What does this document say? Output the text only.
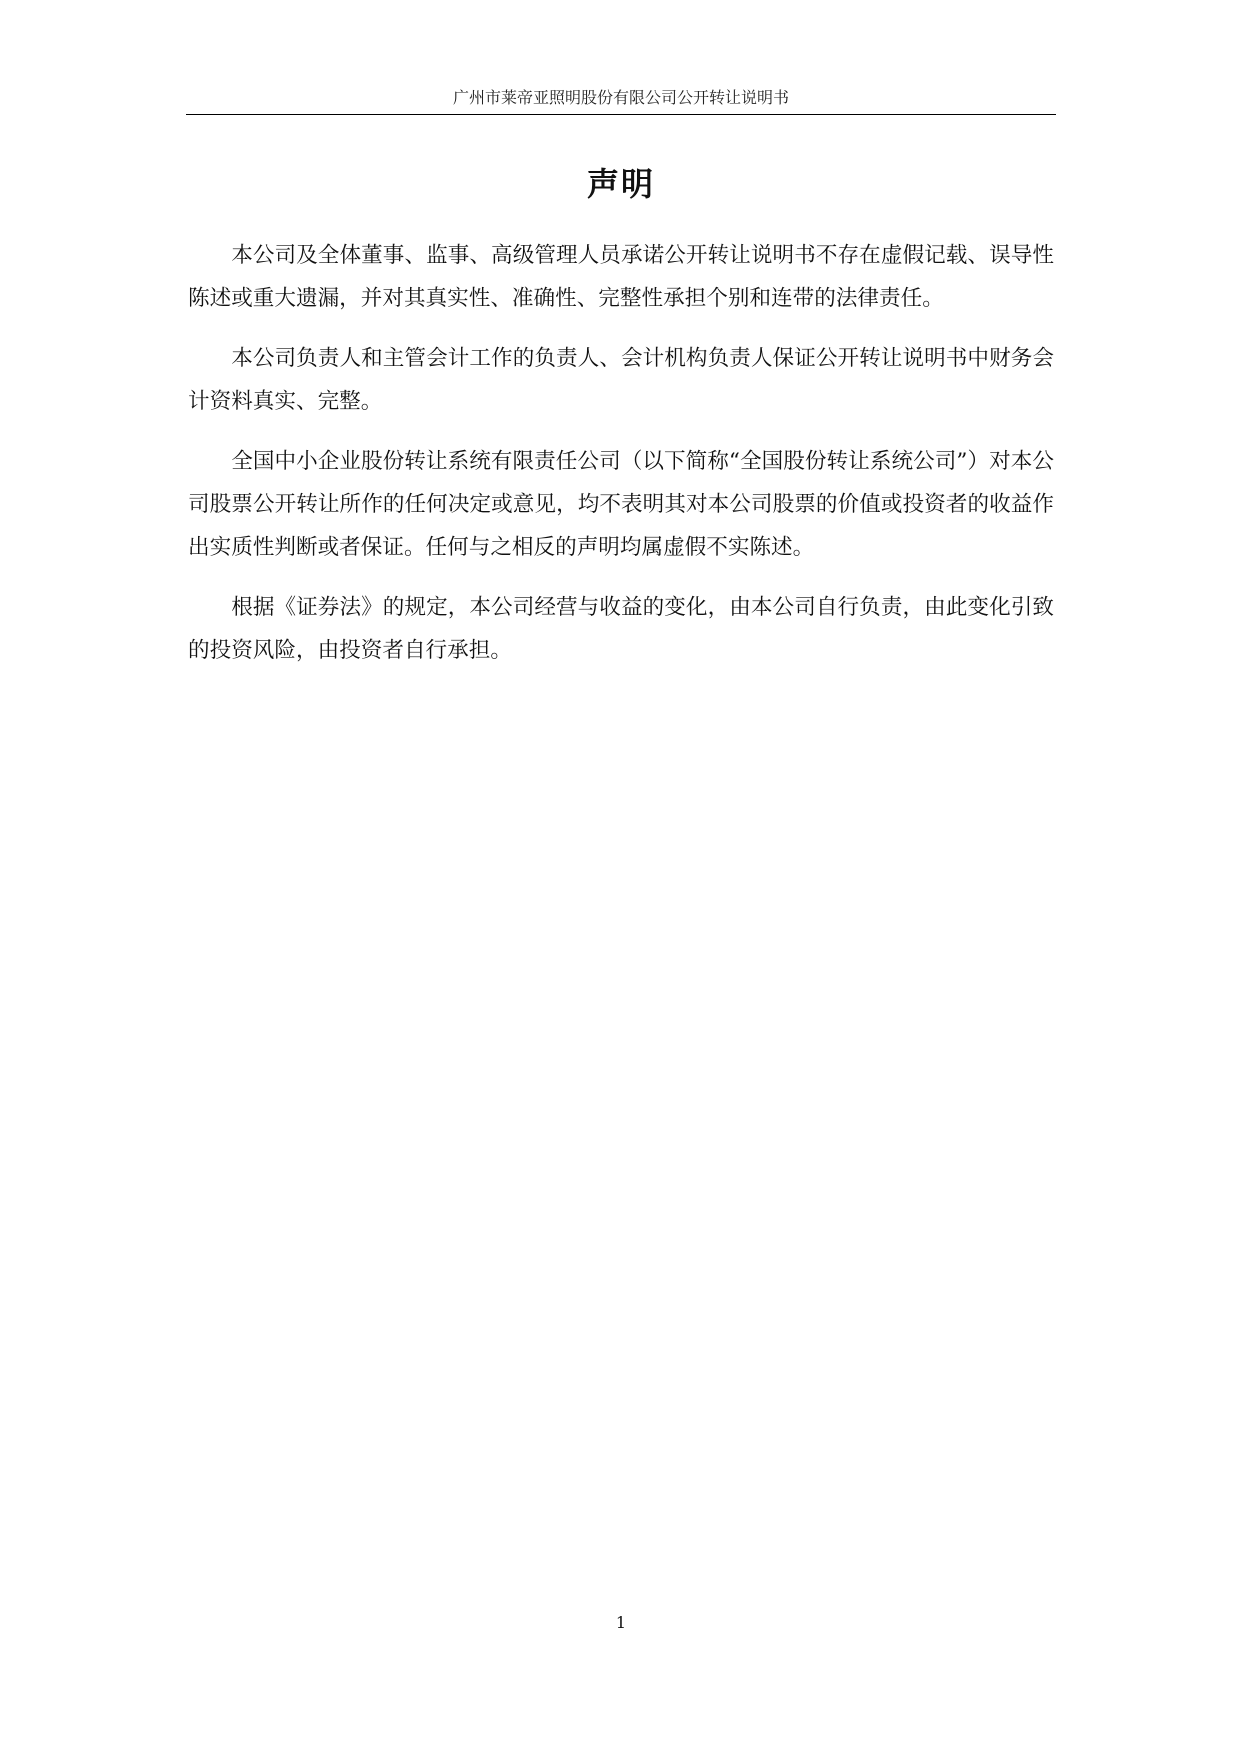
广州市莱帝亚照明股份有限公司公开转让说明书
声明

本公司及全体董事、监事、高级管理人员承诺公开转让说明书不存在虚假记载、误导性陈述或重大遗漏，并对其真实性、准确性、完整性承担个别和连带的法律责任。

本公司负责人和主管会计工作的负责人、会计机构负责人保证公开转让说明书中财务会计资料真实、完整。

全国中小企业股份转让系统有限责任公司（以下简称“全国股份转让系统公司”）对本公司股票公开转让所作的任何决定或意见，均不表明其对本公司股票的价值或投资者的收益作出实质性判断或者保证。任何与之相反的声明均属虚假不实陈述。

根据《证券法》的规定，本公司经营与收益的变化，由本公司自行负责，由此变化引致的投资风险，由投资者自行承担。

1
